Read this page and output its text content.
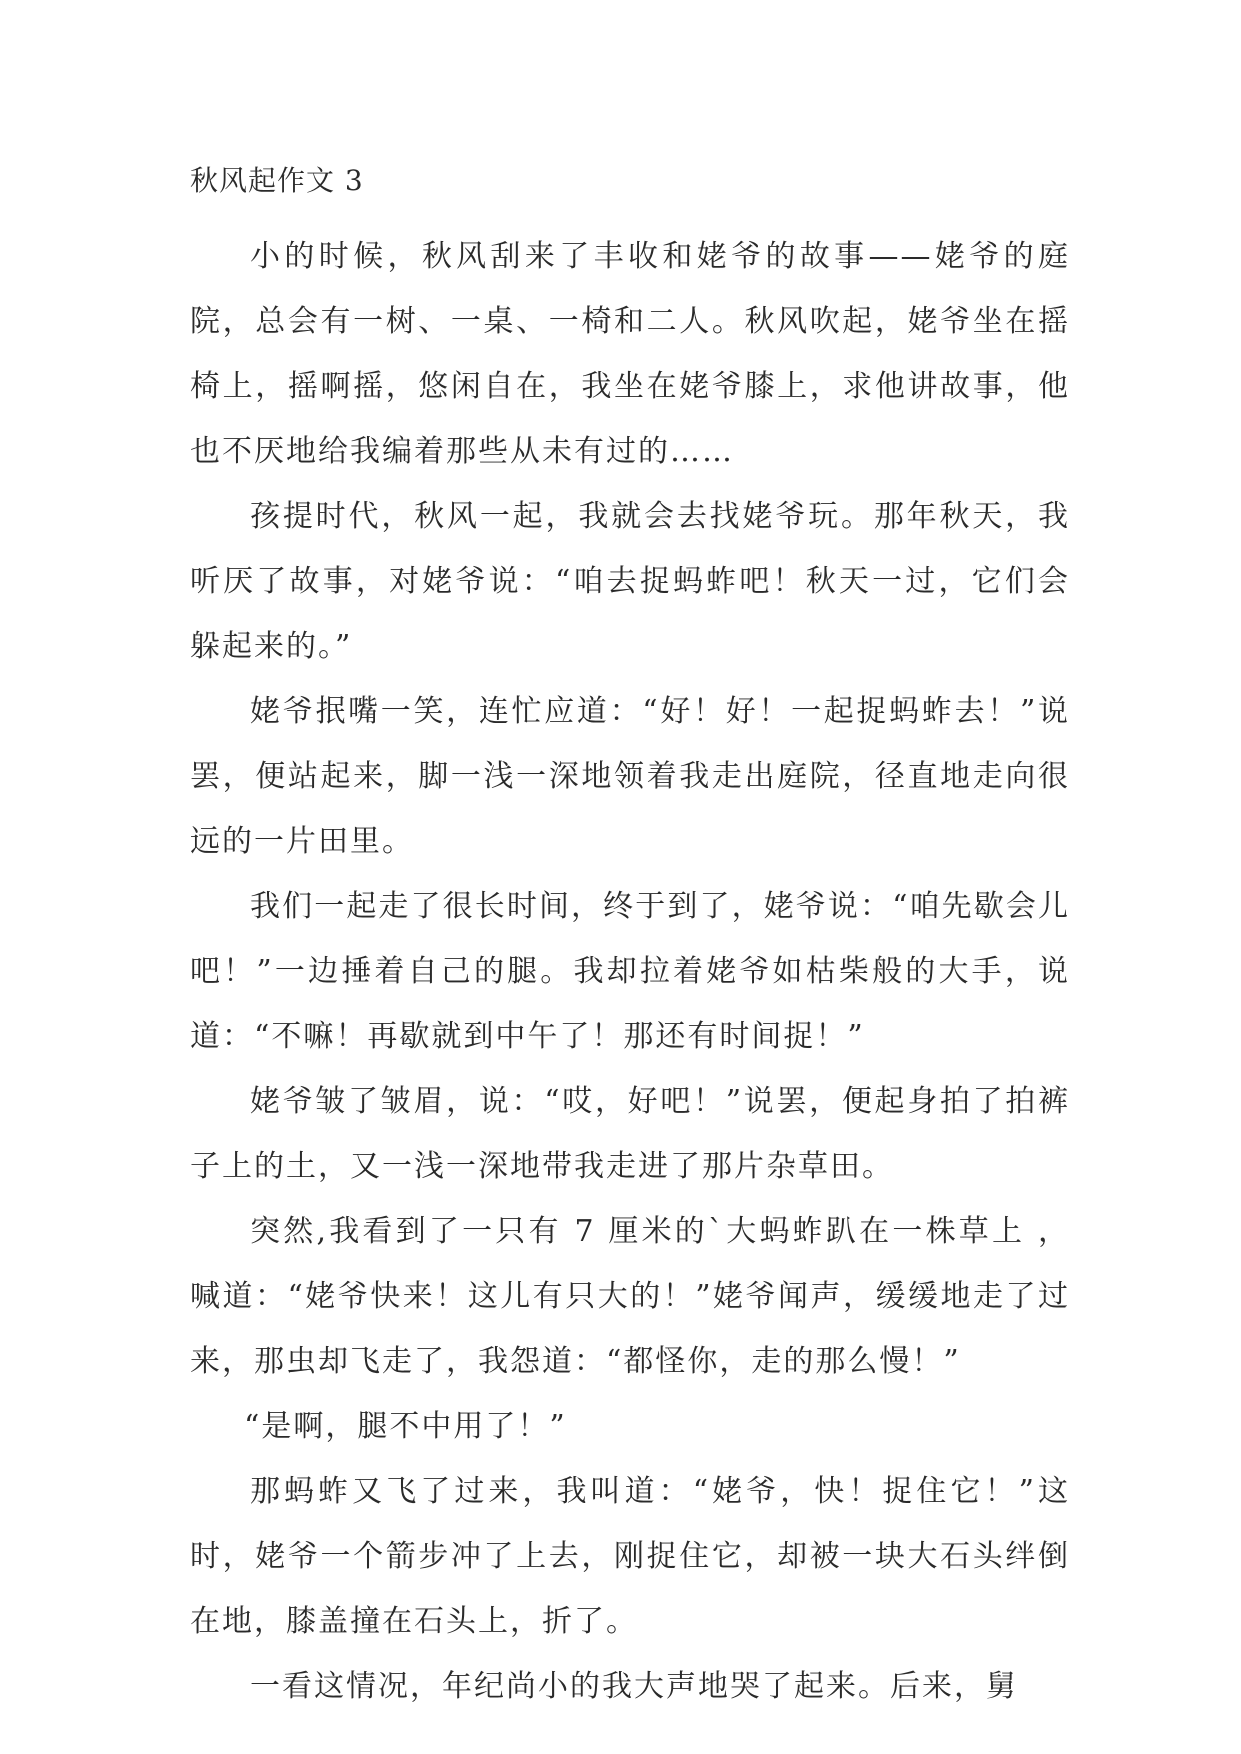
秋风起作文 3

小的时候，秋风刮来了丰收和姥爷的故事——姥爷的庭院，总会有一树、一桌、一椅和二人。秋风吹起，姥爷坐在摇椅上，摇啊摇，悠闲自在，我坐在姥爷膝上，求他讲故事，他也不厌地给我编着那些从未有过的……

孩提时代，秋风一起，我就会去找姥爷玩。那年秋天，我听厌了故事，对姥爷说：“咱去捉蚂蚱吧！秋天一过，它们会躲起来的。”

姥爷抿嘴一笑，连忙应道：“好！好！一起捉蚂蚱去！”说罢，便站起来，脚一浅一深地领着我走出庭院，径直地走向很远的一片田里。

我们一起走了很长时间，终于到了，姥爷说：“咱先歇会儿吧！”一边捶着自己的腿。我却拉着姥爷如枯柴般的大手，说道：“不嘛！再歇就到中午了！那还有时间捉！”

姥爷皱了皱眉，说：“哎，好吧！”说罢，便起身拍了拍裤子上的土，又一浅一深地带我走进了那片杂草田。

突然,我看到了一只有 7 厘米的`大蚂蚱趴在一株草上 ，喊道：“姥爷快来！这儿有只大的！”姥爷闻声，缓缓地走了过来，那虫却飞走了，我怨道：“都怪你，走的那么慢！”

“是啊，腿不中用了！”

那蚂蚱又飞了过来，我叫道：“姥爷，快！捉住它！”这时，姥爷一个箭步冲了上去，刚捉住它，却被一块大石头绊倒在地，膝盖撞在石头上，折了。

一看这情况，年纪尚小的我大声地哭了起来。后来，舅
